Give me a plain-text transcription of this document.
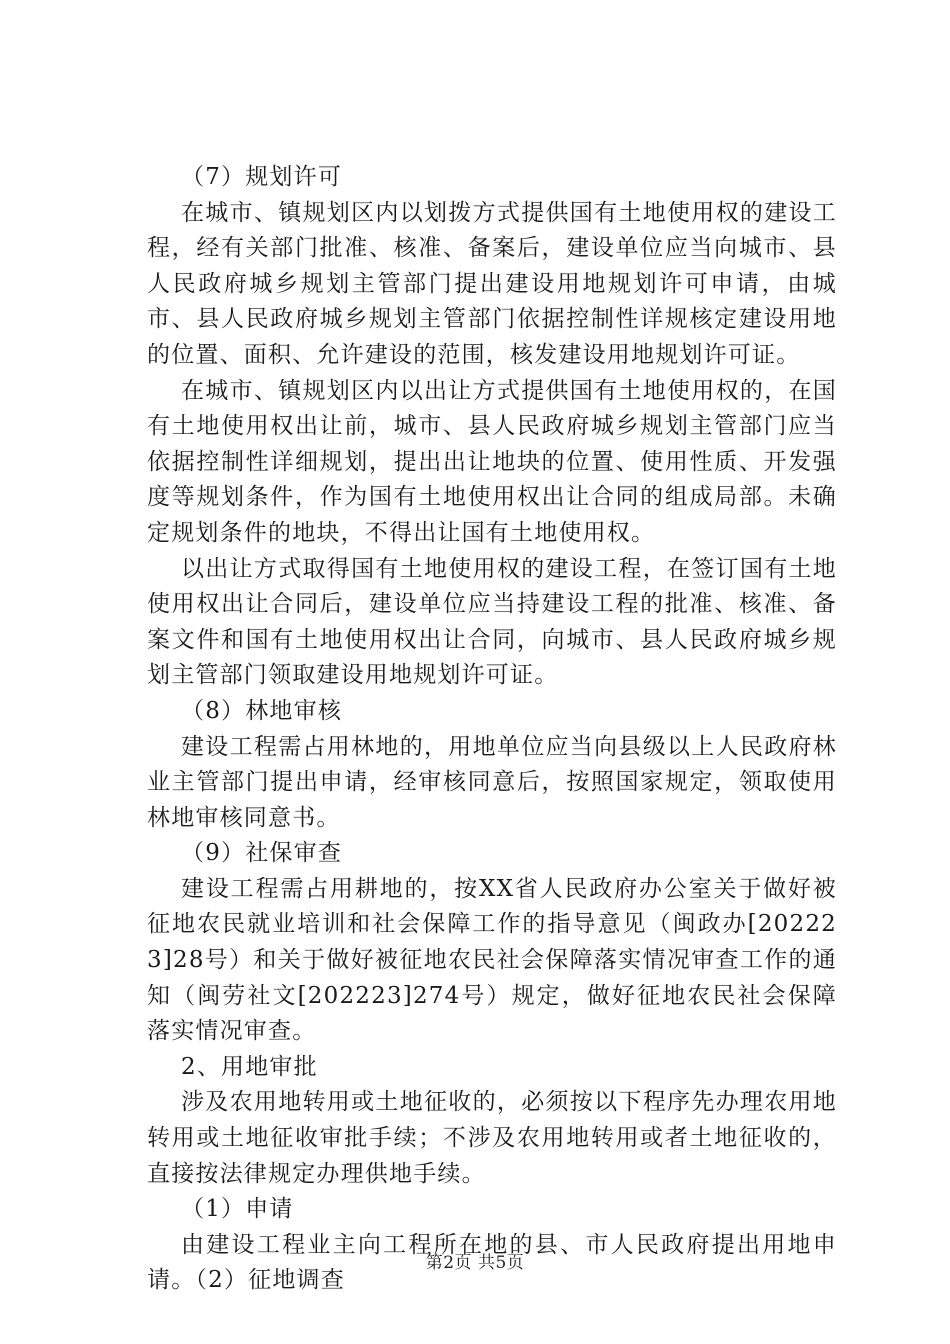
（7）规划许可

在城市、镇规划区内以划拨方式提供国有土地使用权的建设工程，经有关部门批准、核准、备案后，建设单位应当向城市、县人民政府城乡规划主管部门提出建设用地规划许可申请，由城市、县人民政府城乡规划主管部门依据控制性详规核定建设用地的位置、面积、允许建设的范围，核发建设用地规划许可证。

在城市、镇规划区内以出让方式提供国有土地使用权的，在国有土地使用权出让前，城市、县人民政府城乡规划主管部门应当依据控制性详细规划，提出出让地块的位置、使用性质、开发强度等规划条件，作为国有土地使用权出让合同的组成局部。未确定规划条件的地块，不得出让国有土地使用权。

以出让方式取得国有土地使用权的建设工程，在签订国有土地使用权出让合同后，建设单位应当持建设工程的批准、核准、备案文件和国有土地使用权出让合同，向城市、县人民政府城乡规划主管部门领取建设用地规划许可证。

（8）林地审核

建设工程需占用林地的，用地单位应当向县级以上人民政府林业主管部门提出申请，经审核同意后，按照国家规定，领取使用林地审核同意书。

（9）社保审查

建设工程需占用耕地的，按XX省人民政府办公室关于做好被征地农民就业培训和社会保障工作的指导意见（闽政办[202223]28号）和关于做好被征地农民社会保障落实情况审查工作的通知（闽劳社文[202223]274号）规定，做好征地农民社会保障落实情况审查。

2、用地审批

涉及农用地转用或土地征收的，必须按以下程序先办理农用地转用或土地征收审批手续；不涉及农用地转用或者土地征收的，直接按法律规定办理供地手续。

（1）申请

由建设工程业主向工程所在地的县、市人民政府提出用地申请。（2）征地调查

第2页 共5页
